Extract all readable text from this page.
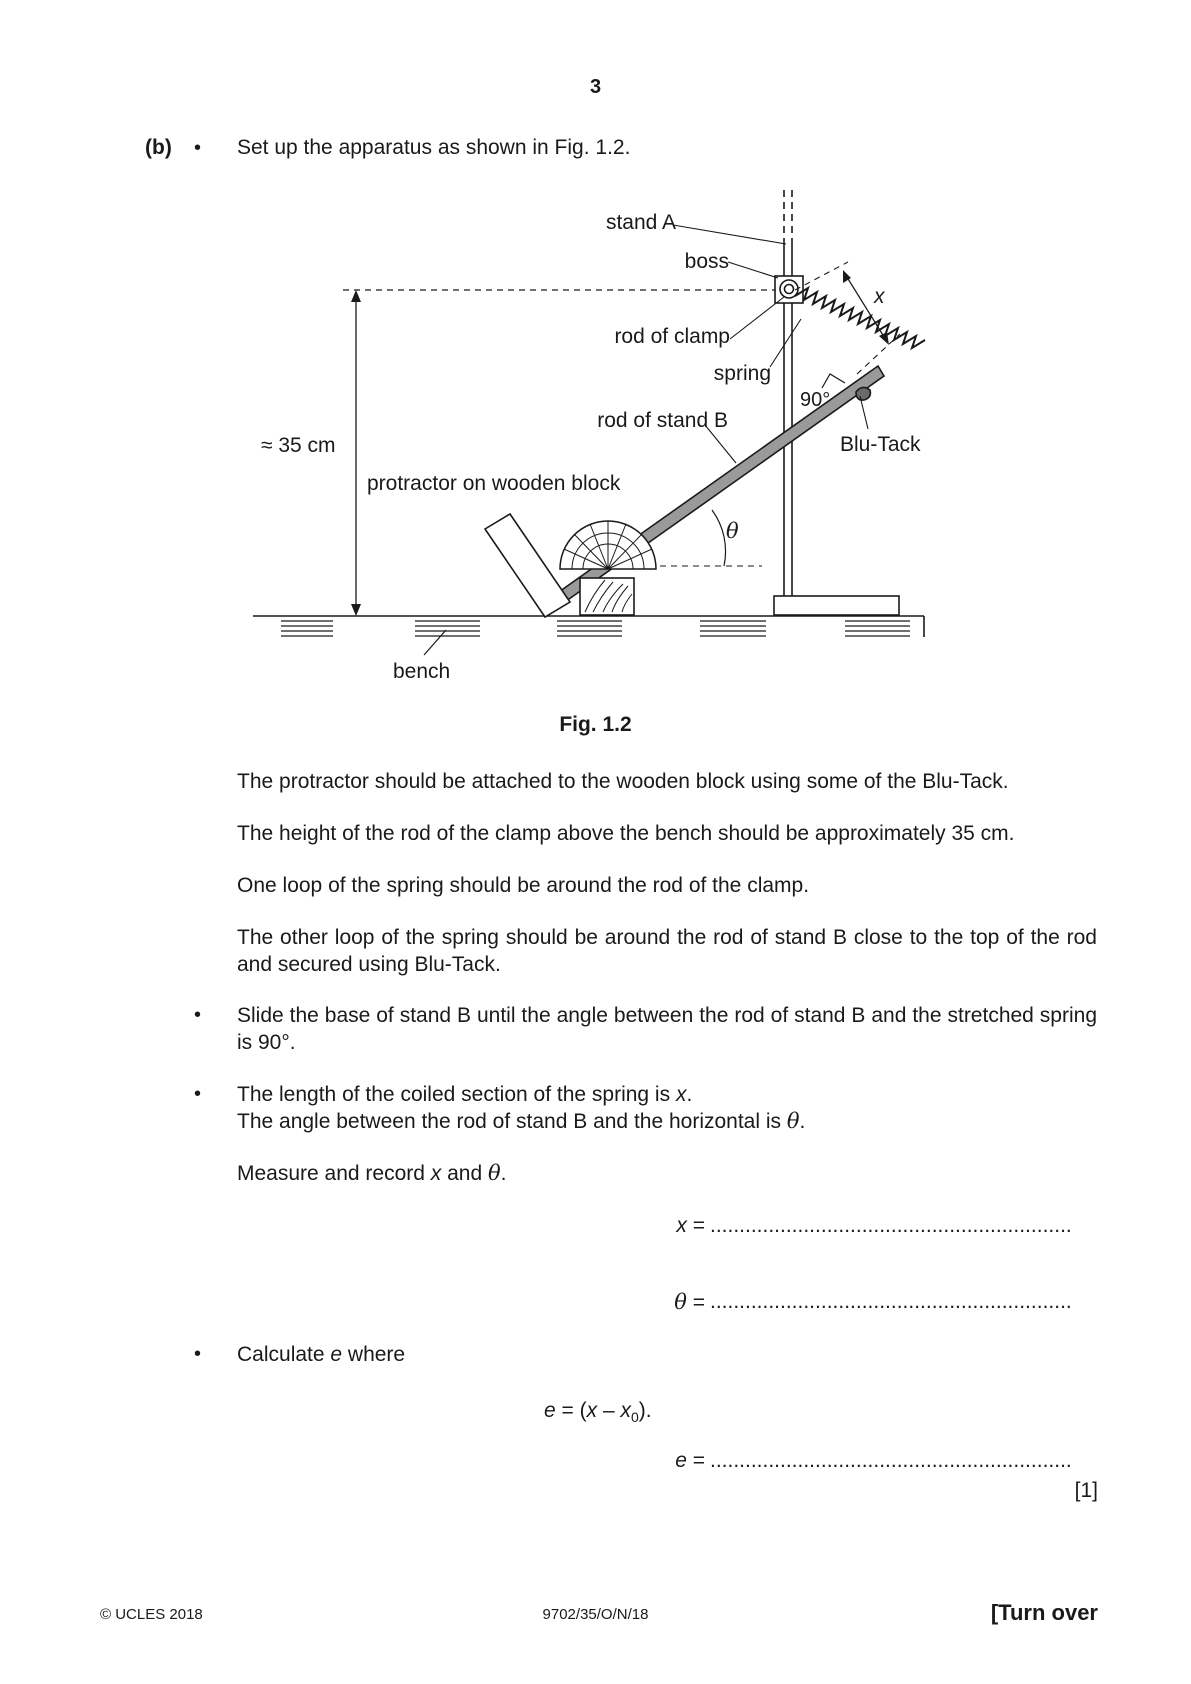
3
(b) • Set up the apparatus as shown in Fig. 1.2.
stand A
boss
rod of clamp
spring
rod of stand B
≈ 35 cm
protractor on wooden block
Blu-Tack
90°
θ
x
bench
Fig. 1.2
The protractor should be attached to the wooden block using some of the Blu-Tack.
The height of the rod of the clamp above the bench should be approximately 35 cm.
One loop of the spring should be around the rod of the clamp.
The other loop of the spring should be around the rod of stand B close to the top of the rod and secured using Blu-Tack.
• Slide the base of stand B until the angle between the rod of stand B and the stretched spring is 90°.
• The length of the coiled section of the spring is x.
The angle between the rod of stand B and the horizontal is θ.
Measure and record x and θ.
x = ..............................................................
θ = ..............................................................
• Calculate e where
$e = (x - x_0)$.
e = ..............................................................
[1]
© UCLES 2018	9702/35/O/N/18	[Turn over
